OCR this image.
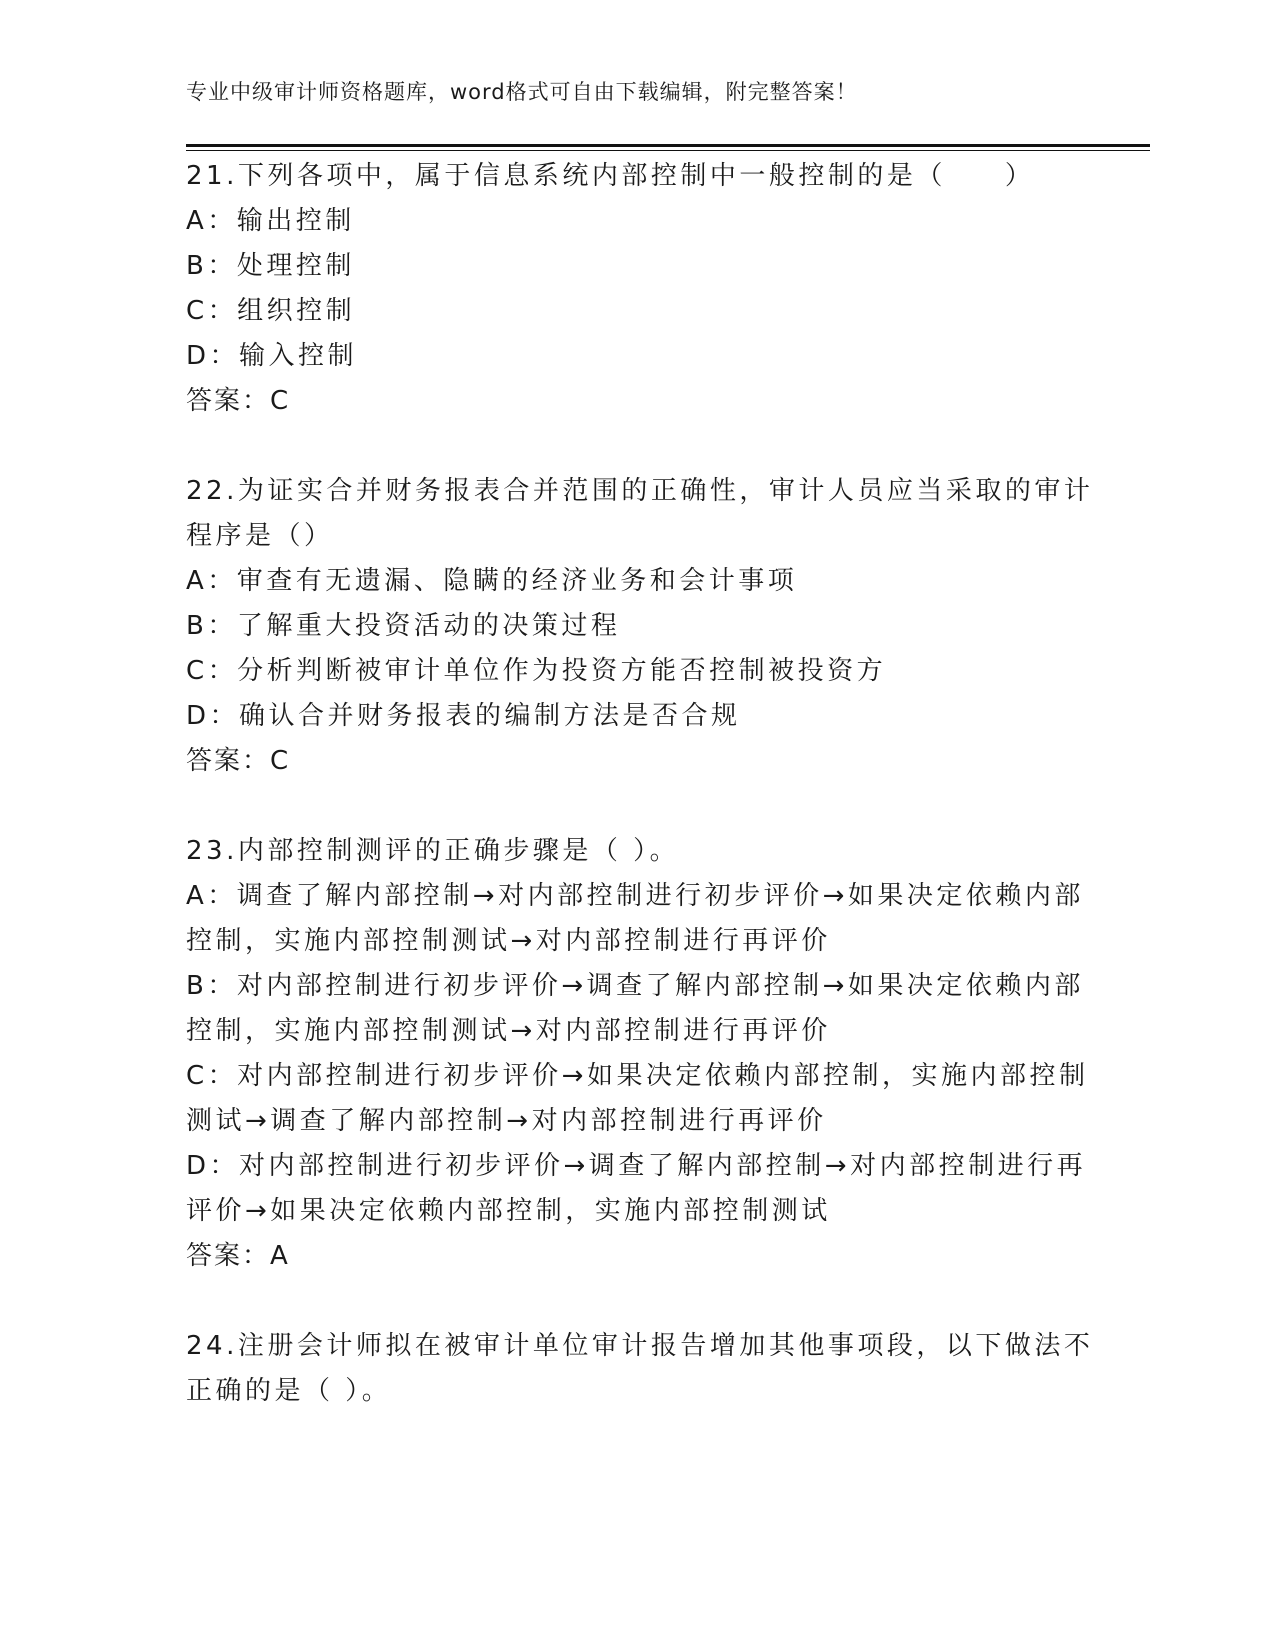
专业中级审计师资格题库，word格式可自由下载编辑，附完整答案！
21.下列各项中，属于信息系统内部控制中一般控制的是（　　）
A：输出控制
B：处理控制
C：组织控制
D：输入控制
答案：C
22.为证实合并财务报表合并范围的正确性，审计人员应当采取的审计
程序是（）
A：审查有无遗漏、隐瞒的经济业务和会计事项
B：了解重大投资活动的决策过程
C：分析判断被审计单位作为投资方能否控制被投资方
D：确认合并财务报表的编制方法是否合规
答案：C
23.内部控制测评的正确步骤是（ ）。
A：调查了解内部控制→对内部控制进行初步评价→如果决定依赖内部
控制，实施内部控制测试→对内部控制进行再评价
B：对内部控制进行初步评价→调查了解内部控制→如果决定依赖内部
控制，实施内部控制测试→对内部控制进行再评价
C：对内部控制进行初步评价→如果决定依赖内部控制，实施内部控制
测试→调查了解内部控制→对内部控制进行再评价
D：对内部控制进行初步评价→调查了解内部控制→对内部控制进行再
评价→如果决定依赖内部控制，实施内部控制测试
答案：A
24.注册会计师拟在被审计单位审计报告增加其他事项段，以下做法不
正确的是（ ）。
